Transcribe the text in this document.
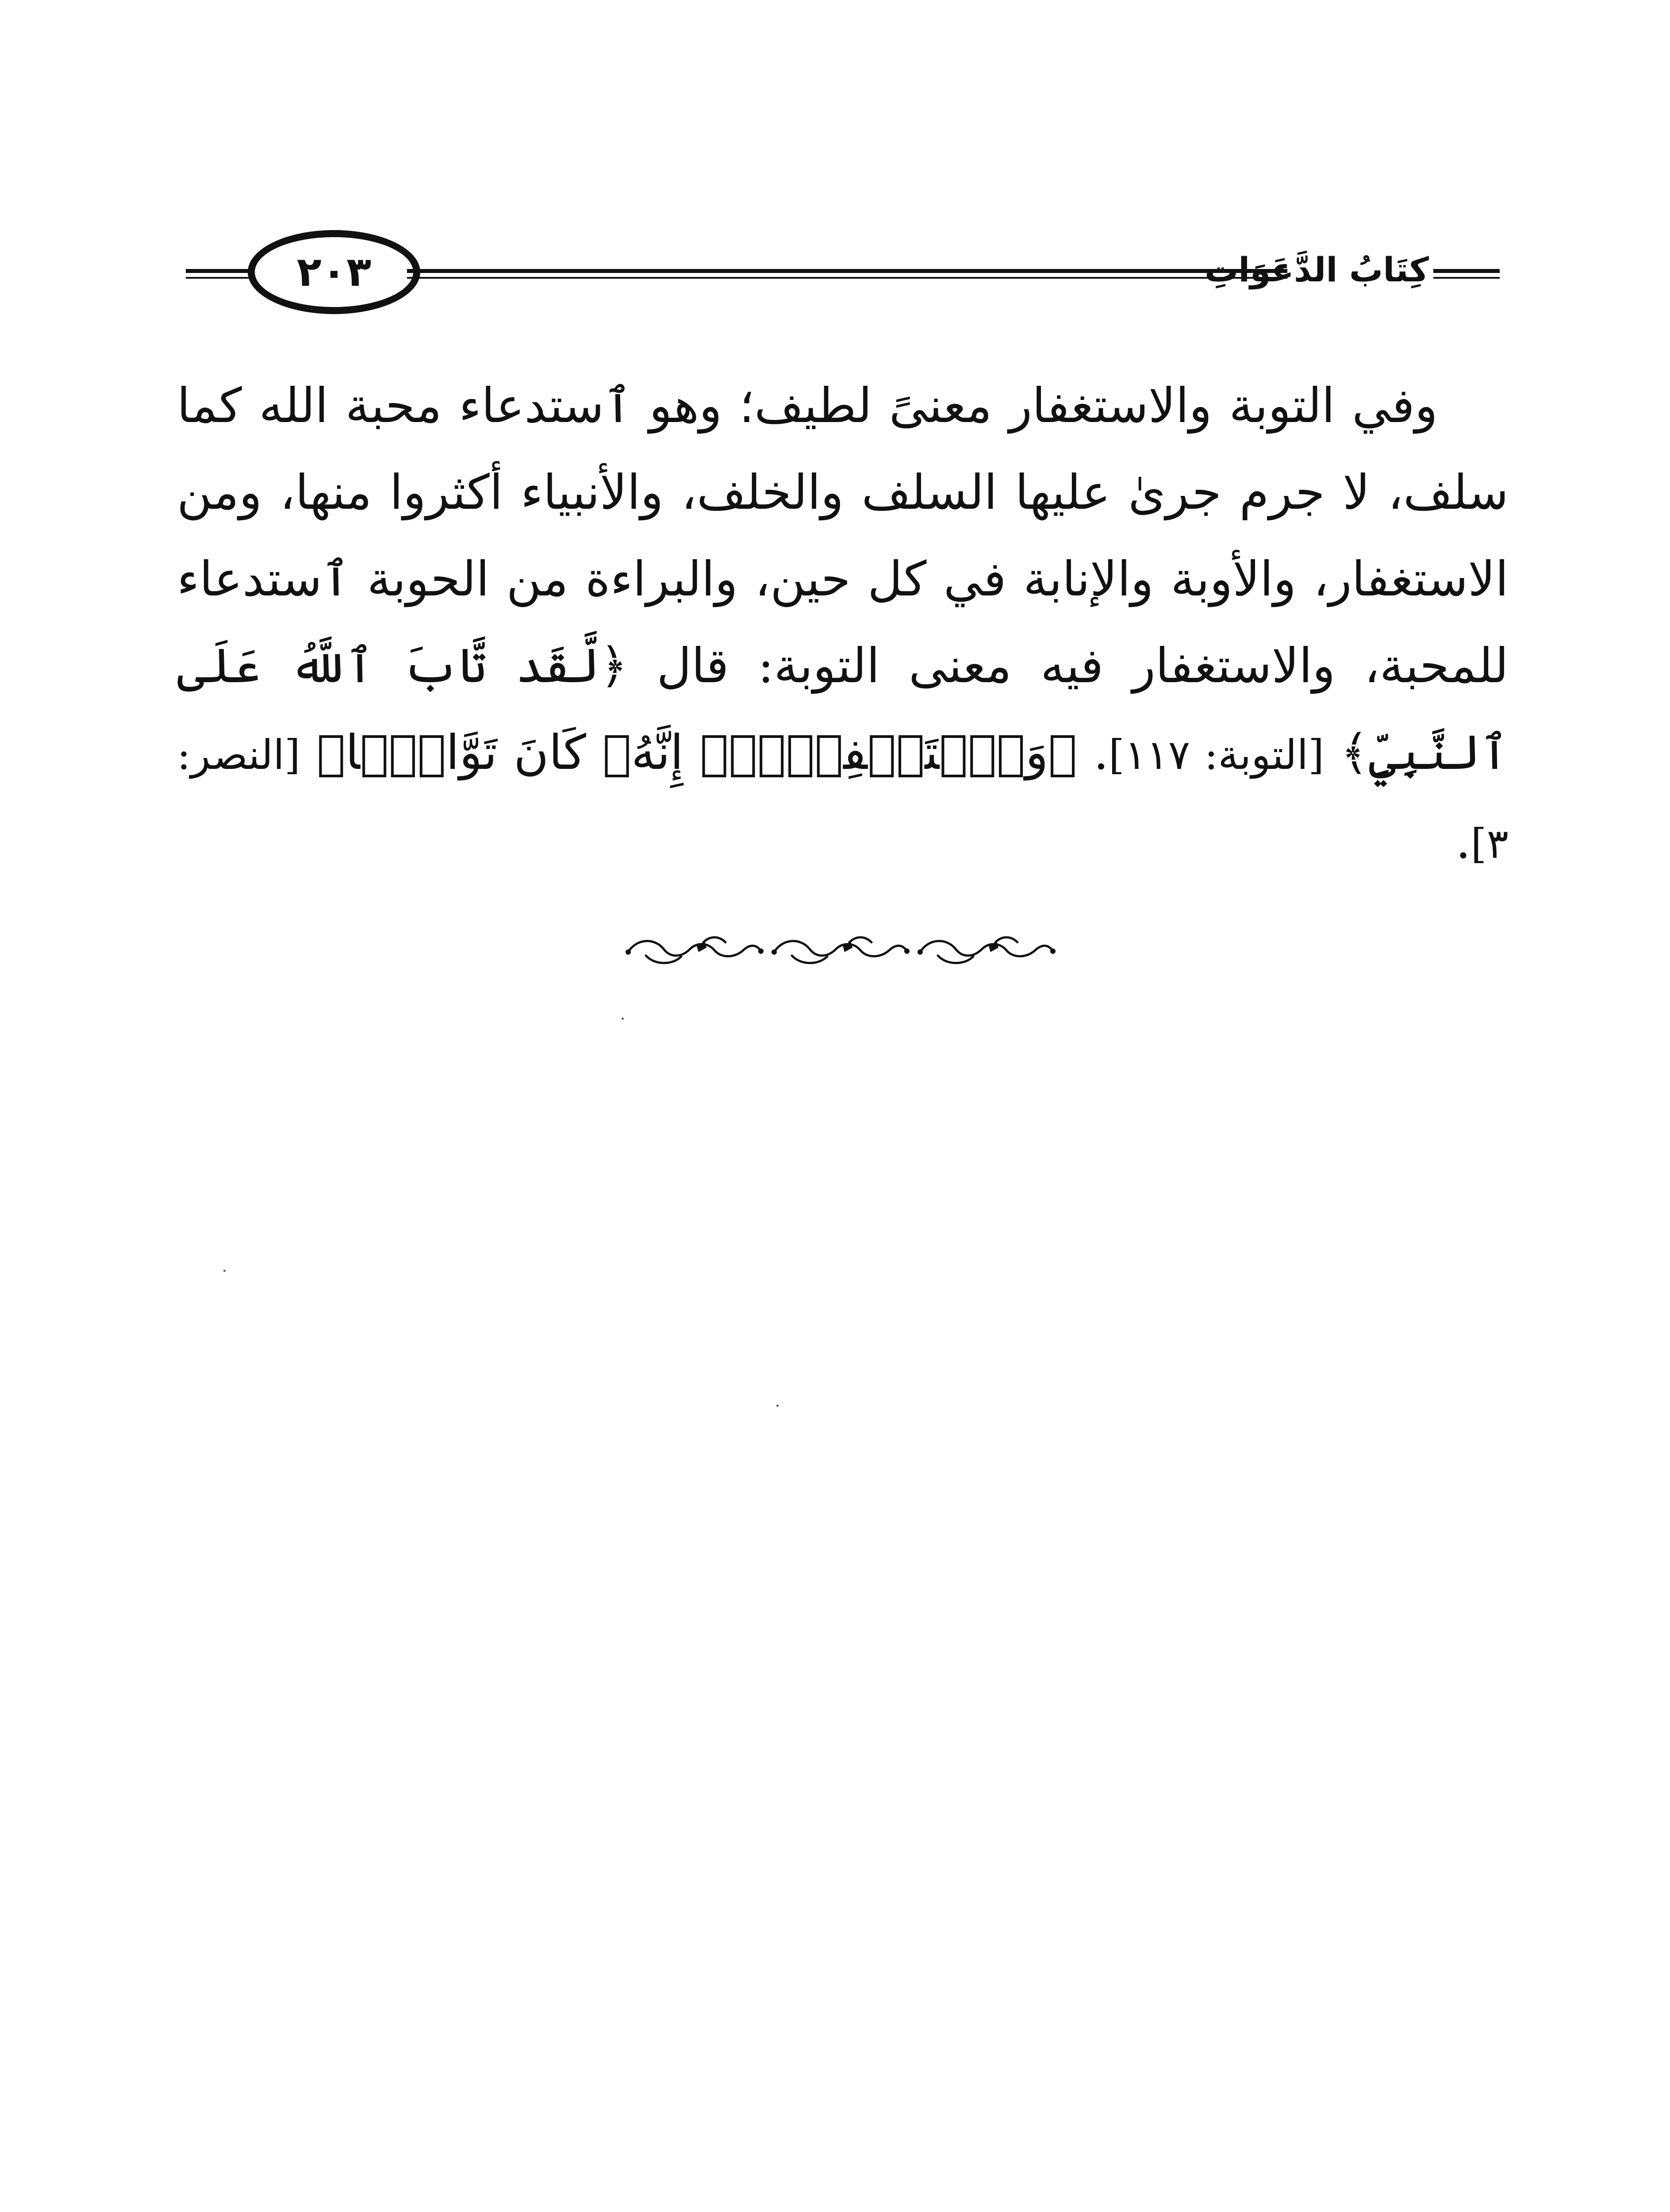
٢٠٣	كِتَابُ الدَّعَوَاتِ

وفي التوبة والاستغفار معنىً لطيف؛ وهو ٱستدعاء محبة الله كما سلف، لا جرم جرىٰ عليها السلف والخلف، والأنبياء أكثروا منها، ومن الاستغفار، والأوبة والإنابة في كل حين، والبراءة من الحوبة ٱستدعاء للمحبة، والاستغفار فيه معنى التوبة: قال ﴿لَّقَد تَّابَ ٱللَّهُ عَلَى ٱلنَّبِيِّ﴾ [التوبة: ١١٧]. ﴿وَٱسۡتَغۡفِرۡهُۚ إِنَّهُۥ كَانَ تَوَّابَۢا﴾ [النصر: ٣].
